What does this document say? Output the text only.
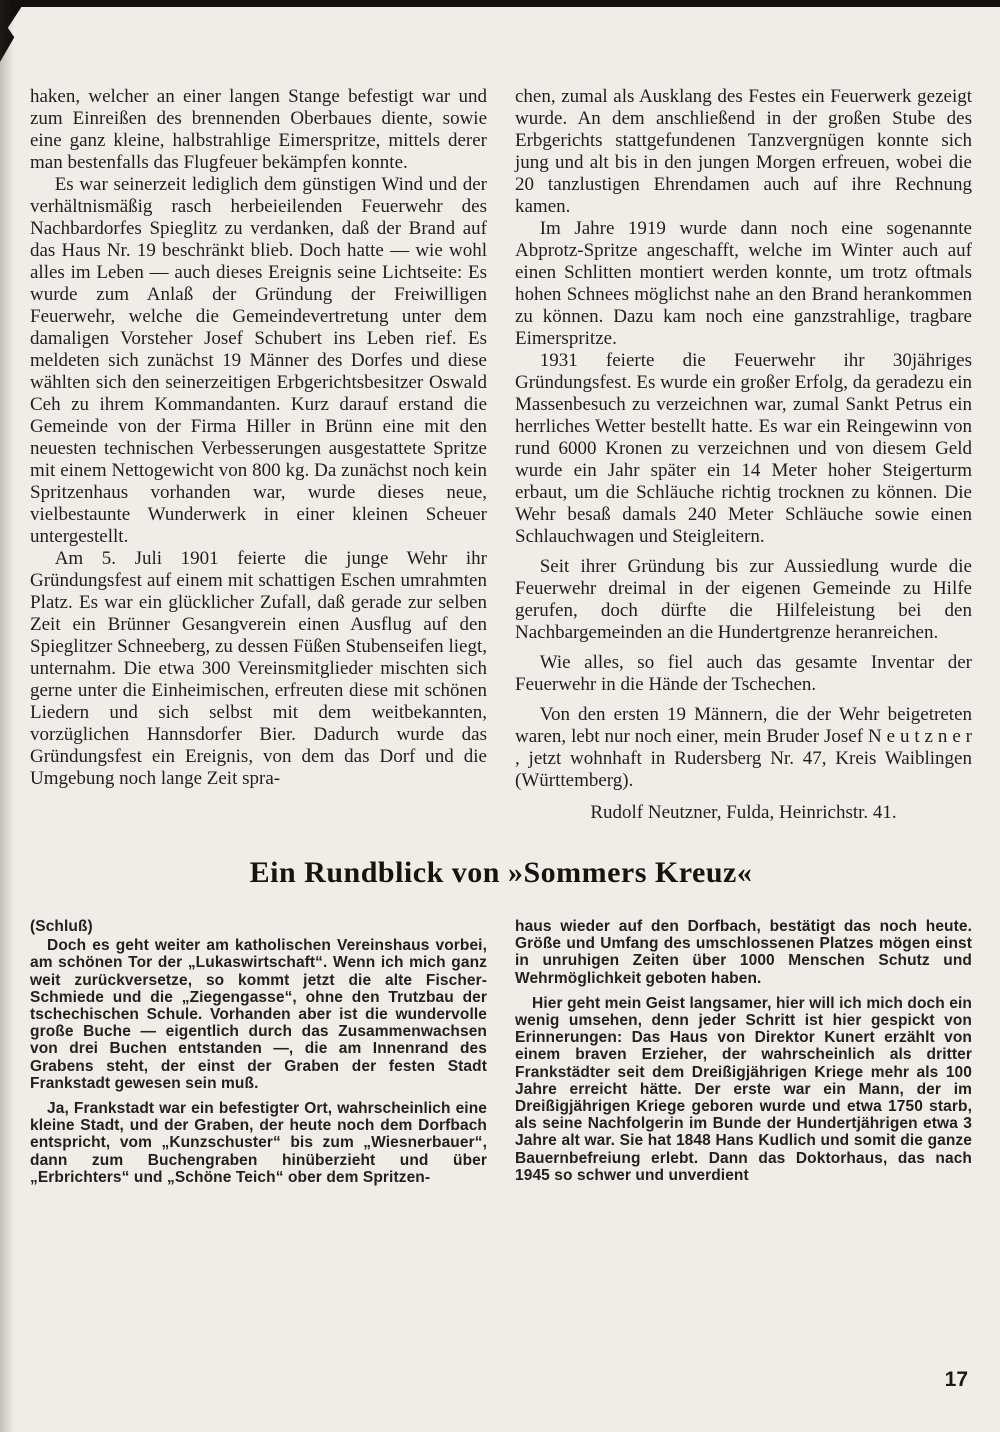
haken, welcher an einer langen Stange befestigt war und zum Einreißen des brennenden Oberbaues diente, sowie eine ganz kleine, halbstrahlige Eimerspritze, mittels derer man bestenfalls das Flugfeuer bekämpfen konnte.

Es war seinerzeit lediglich dem günstigen Wind und der verhältnismäßig rasch herbeieilenden Feuerwehr des Nachbardorfes Spieglitz zu verdanken, daß der Brand auf das Haus Nr. 19 beschränkt blieb. Doch hatte — wie wohl alles im Leben — auch dieses Ereignis seine Lichtseite: Es wurde zum Anlaß der Gründung der Freiwilligen Feuerwehr, welche die Gemeindevertretung unter dem damaligen Vorsteher Josef Schubert ins Leben rief. Es meldeten sich zunächst 19 Männer des Dorfes und diese wählten sich den seinerzeitigen Erbgerichtsbesitzer Oswald Ceh zu ihrem Kommandanten. Kurz darauf erstand die Gemeinde von der Firma Hiller in Brünn eine mit den neuesten technischen Verbesserungen ausgestattete Spritze mit einem Nettogewicht von 800 kg. Da zunächst noch kein Spritzenhaus vorhanden war, wurde dieses neue, vielbestaunte Wunderwerk in einer kleinen Scheuer untergestellt.

Am 5. Juli 1901 feierte die junge Wehr ihr Gründungsfest auf einem mit schattigen Eschen umrahmten Platz. Es war ein glücklicher Zufall, daß gerade zur selben Zeit ein Brünner Gesangverein einen Ausflug auf den Spieglitzer Schneeberg, zu dessen Füßen Stubenseifen liegt, unternahm. Die etwa 300 Vereinsmitglieder mischten sich gerne unter die Einheimischen, erfreuten diese mit schönen Liedern und sich selbst mit dem weitbekannten, vorzüglichen Hannsdorfer Bier. Dadurch wurde das Gründungsfest ein Ereignis, von dem das Dorf und die Umgebung noch lange Zeit spra-

chen, zumal als Ausklang des Festes ein Feuerwerk gezeigt wurde. An dem anschließend in der großen Stube des Erbgerichts stattgefundenen Tanzvergnügen konnte sich jung und alt bis in den jungen Morgen erfreuen, wobei die 20 tanzlustigen Ehrendamen auch auf ihre Rechnung kamen.

Im Jahre 1919 wurde dann noch eine sogenannte Abprotz-Spritze angeschafft, welche im Winter auch auf einen Schlitten montiert werden konnte, um trotz oftmals hohen Schnees möglichst nahe an den Brand herankommen zu können. Dazu kam noch eine ganzstrahlige, tragbare Eimerspritze.

1931 feierte die Feuerwehr ihr 30jähriges Gründungsfest. Es wurde ein großer Erfolg, da geradezu ein Massenbesuch zu verzeichnen war, zumal Sankt Petrus ein herrliches Wetter bestellt hatte. Es war ein Reingewinn von rund 6000 Kronen zu verzeichnen und von diesem Geld wurde ein Jahr später ein 14 Meter hoher Steigerturm erbaut, um die Schläuche richtig trocknen zu können. Die Wehr besaß damals 240 Meter Schläuche sowie einen Schlauchwagen und Steigleitern.

Seit ihrer Gründung bis zur Aussiedlung wurde die Feuerwehr dreimal in der eigenen Gemeinde zu Hilfe gerufen, doch dürfte die Hilfeleistung bei den Nachbargemeinden an die Hundertgrenze heranreichen.

Wie alles, so fiel auch das gesamte Inventar der Feuerwehr in die Hände der Tschechen.

Von den ersten 19 Männern, die der Wehr beigetreten waren, lebt nur noch einer, mein Bruder Josef N e u t z n e r , jetzt wohnhaft in Rudersberg Nr. 47, Kreis Waiblingen (Württemberg).

Rudolf Neutzner, Fulda, Heinrichstr. 41.

Ein Rundblick von »Sommers Kreuz«

(Schluß)

Doch es geht weiter am katholischen Vereinshaus vorbei, am schönen Tor der „Lukaswirtschaft“. Wenn ich mich ganz weit zurückversetze, so kommt jetzt die alte Fischer-Schmiede und die „Ziegengasse“, ohne den Trutzbau der tschechischen Schule. Vorhanden aber ist die wundervolle große Buche — eigentlich durch das Zusammenwachsen von drei Buchen entstanden —, die am Innenrand des Grabens steht, der einst der Graben der festen Stadt Frankstadt gewesen sein muß.

Ja, Frankstadt war ein befestigter Ort, wahrscheinlich eine kleine Stadt, und der Graben, der heute noch dem Dorfbach entspricht, vom „Kunzschuster“ bis zum „Wiesnerbauer“, dann zum Buchengraben hinüberzieht und über „Erbrichters“ und „Schöne Teich“ ober dem Spritzen-

haus wieder auf den Dorfbach, bestätigt das noch heute. Größe und Umfang des umschlossenen Platzes mögen einst in unruhigen Zeiten über 1000 Menschen Schutz und Wehrmöglichkeit geboten haben.

Hier geht mein Geist langsamer, hier will ich mich doch ein wenig umsehen, denn jeder Schritt ist hier gespickt von Erinnerungen: Das Haus von Direktor Kunert erzählt von einem braven Erzieher, der wahrscheinlich als dritter Frankstädter seit dem Dreißigjährigen Kriege mehr als 100 Jahre erreicht hätte. Der erste war ein Mann, der im Dreißigjährigen Kriege geboren wurde und etwa 1750 starb, als seine Nachfolgerin im Bunde der Hundertjährigen etwa 3 Jahre alt war. Sie hat 1848 Hans Kudlich und somit die ganze Bauernbefreiung erlebt. Dann das Doktorhaus, das nach 1945 so schwer und unverdient

17
